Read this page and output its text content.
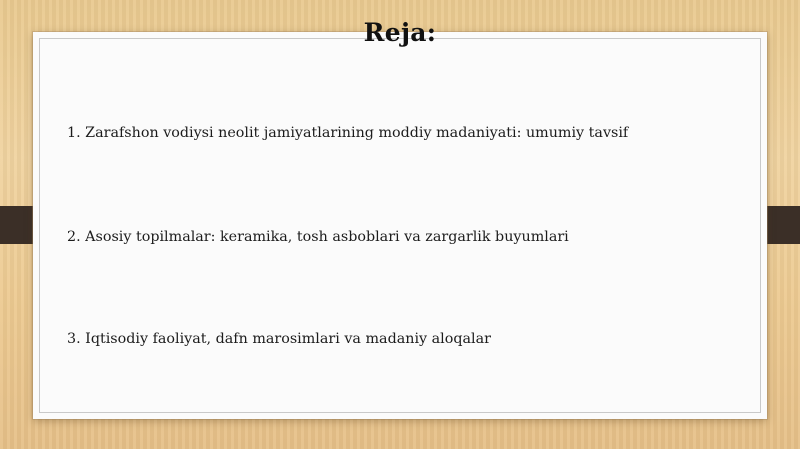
Reja:
1. Zarafshon vodiysi neolit jamiyatlarining moddiy madaniyati: umumiy tavsif
2. Asosiy topilmalar: keramika, tosh asboblari va zargarlik buyumlari
3. Iqtisodiy faoliyat, dafn marosimlari va madaniy aloqalar
